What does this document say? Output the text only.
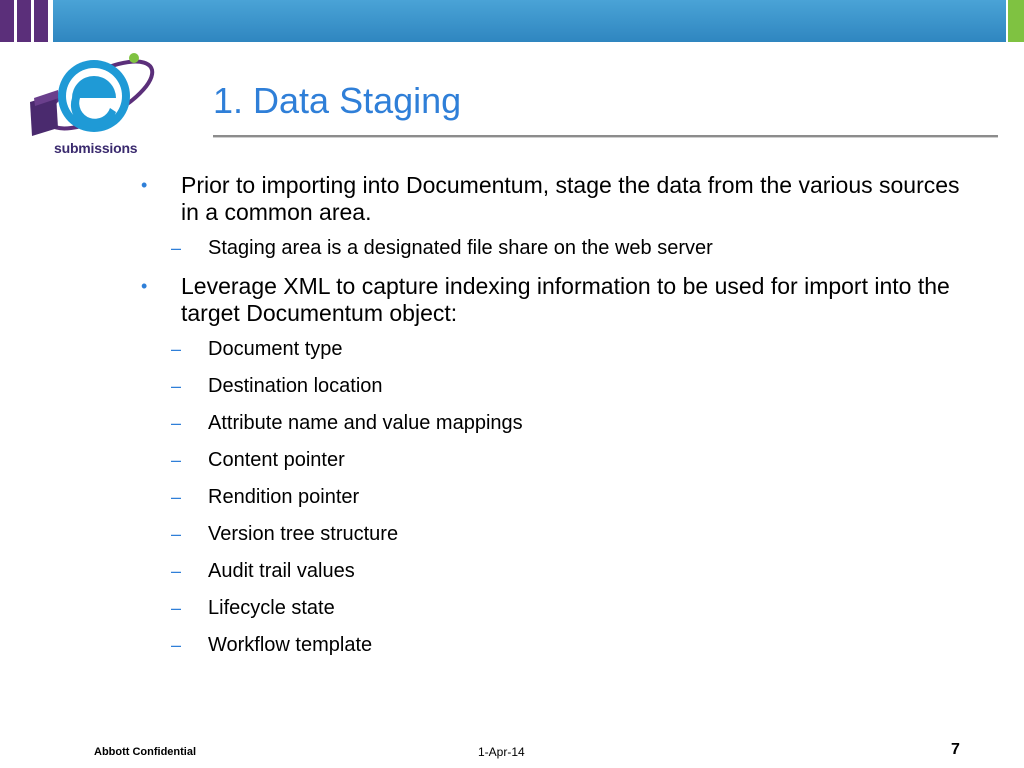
submissions
1. Data Staging
• Prior to importing into Documentum, stage the data from the various sources in a common area.
– Staging area is a designated file share on the web server
• Leverage XML to capture indexing information to be used for import into the target Documentum object:
– Document type
– Destination location
– Attribute name and value mappings
– Content pointer
– Rendition pointer
– Version tree structure
– Audit trail values
– Lifecycle state
– Workflow template
Abbott Confidential	1-Apr-14	7
